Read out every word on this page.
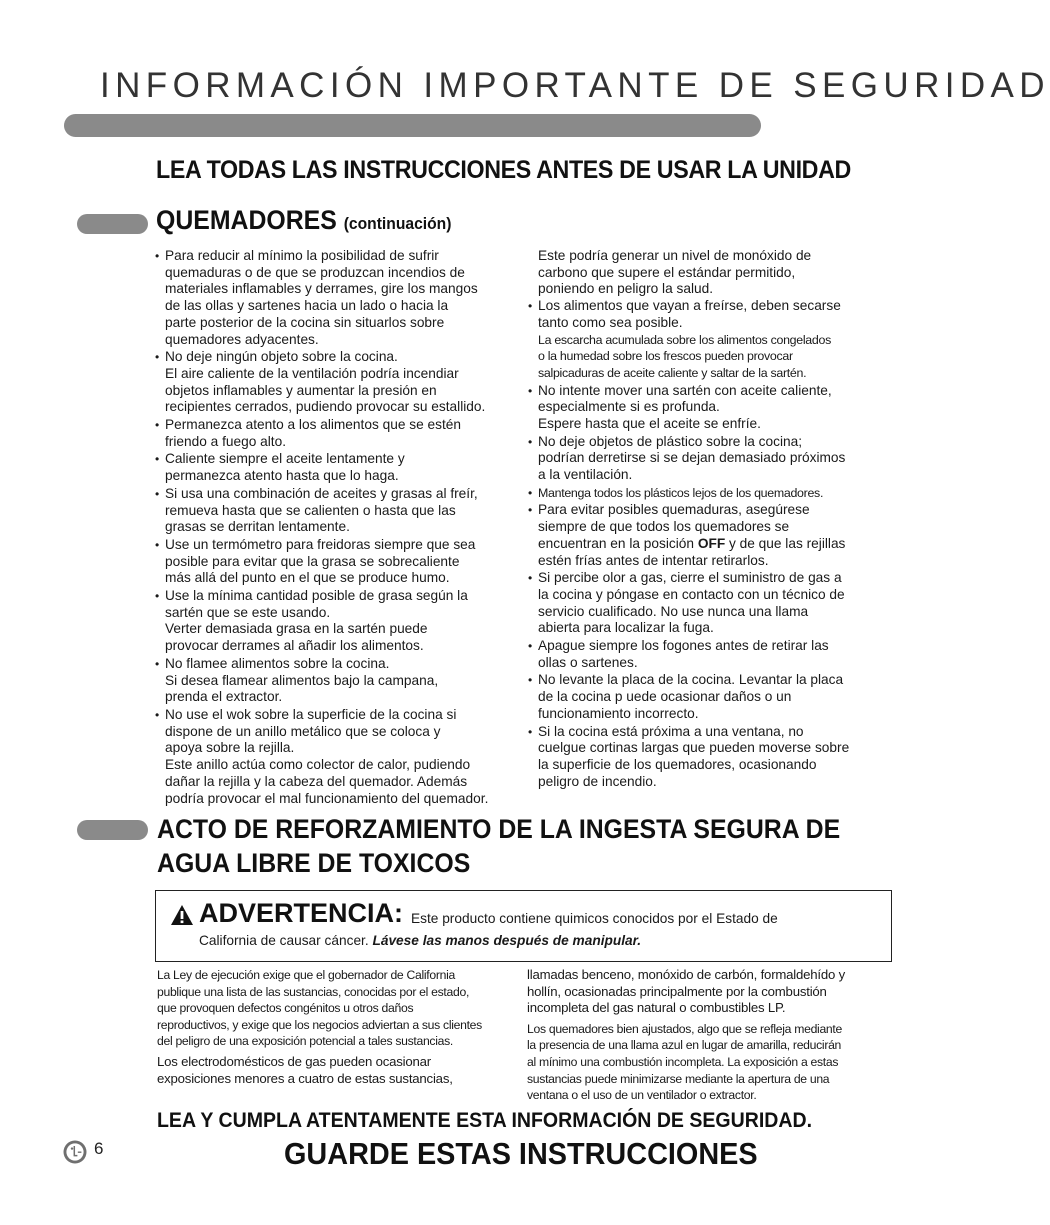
INFORMACIÓN IMPORTANTE DE SEGURIDAD
LEA TODAS LAS INSTRUCCIONES ANTES DE USAR LA UNIDAD
QUEMADORES (continuación)
• Para reducir al mínimo la posibilidad de sufrir
quemaduras o de que se produzcan incendios de
materiales inflamables y derrames, gire los mangos
de las ollas y sartenes hacia un lado o hacia la
parte posterior de la cocina sin situarlos sobre
quemadores adyacentes.
• No deje ningún objeto sobre la cocina.
El aire caliente de la ventilación podría incendiar
objetos inflamables y aumentar la presión en
recipientes cerrados, pudiendo provocar su estallido.
• Permanezca atento a los alimentos que se estén
friendo a fuego alto.
• Caliente siempre el aceite lentamente y
permanezca atento hasta que lo haga.
• Si usa una combinación de aceites y grasas al freír,
remueva hasta que se calienten o hasta que las
grasas se derritan lentamente.
• Use un termómetro para freidoras siempre que sea
posible para evitar que la grasa se sobrecaliente
más allá del punto en el que se produce humo.
• Use la mínima cantidad posible de grasa según la
sartén que se este usando.
Verter demasiada grasa en la sartén puede
provocar derrames al añadir los alimentos.
• No flamee alimentos sobre la cocina.
Si desea flamear alimentos bajo la campana,
prenda el extractor.
• No use el wok sobre la superficie de la cocina si
dispone de un anillo metálico que se coloca y
apoya sobre la rejilla.
Este anillo actúa como colector de calor, pudiendo
dañar la rejilla y la cabeza del quemador. Además
podría provocar el mal funcionamiento del quemador.
Este podría generar un nivel de monóxido de
carbono que supere el estándar permitido,
poniendo en peligro la salud.
• Los alimentos que vayan a freírse, deben secarse
tanto como sea posible.
La escarcha acumulada sobre los alimentos congelados
o la humedad sobre los frescos pueden provocar
salpicaduras de aceite caliente y saltar de la sartén.
• No intente mover una sartén con aceite caliente,
especialmente si es profunda.
Espere hasta que el aceite se enfríe.
• No deje objetos de plástico sobre la cocina;
podrían derretirse si se dejan demasiado próximos
a la ventilación.
• Mantenga todos los plásticos lejos de los quemadores.
• Para evitar posibles quemaduras, asegúrese
siempre de que todos los quemadores se
encuentran en la posición OFF y de que las rejillas
estén frías antes de intentar retirarlos.
• Si percibe olor a gas, cierre el suministro de gas a
la cocina y póngase en contacto con un técnico de
servicio cualificado. No use nunca una llama
abierta para localizar la fuga.
• Apague siempre los fogones antes de retirar las
ollas o sartenes.
• No levante la placa de la cocina. Levantar la placa
de la cocina p uede ocasionar daños o un
funcionamiento incorrecto.
• Si la cocina está próxima a una ventana, no
cuelgue cortinas largas que pueden moverse sobre
la superficie de los quemadores, ocasionando
peligro de incendio.
ACTO DE REFORZAMIENTO DE LA INGESTA SEGURA DE
AGUA LIBRE DE TOXICOS
ADVERTENCIA: Este producto contiene quimicos conocidos por el Estado de
California de causar cáncer. Lávese las manos después de manipular.

La Ley de ejecución exige que el gobernador de California
publique una lista de las sustancias, conocidas por el estado,
que provoquen defectos congénitos u otros daños
reproductivos, y exige que los negocios adviertan a sus clientes
del peligro de una exposición potencial a tales sustancias.

Los electrodomésticos de gas pueden ocasionar
exposiciones menores a cuatro de estas sustancias,

llamadas benceno, monóxido de carbón, formaldehído y
hollín, ocasionadas principalmente por la combustión
incompleta del gas natural o combustibles LP.

Los quemadores bien ajustados, algo que se refleja mediante
la presencia de una llama azul en lugar de amarilla, reducirán
al mínimo una combustión incompleta. La exposición a estas
sustancias puede minimizarse mediante la apertura de una
ventana o el uso de un ventilador o extractor.

LEA Y CUMPLA ATENTAMENTE ESTA INFORMACIÓN DE SEGURIDAD.
GUARDE ESTAS INSTRUCCIONES
6
